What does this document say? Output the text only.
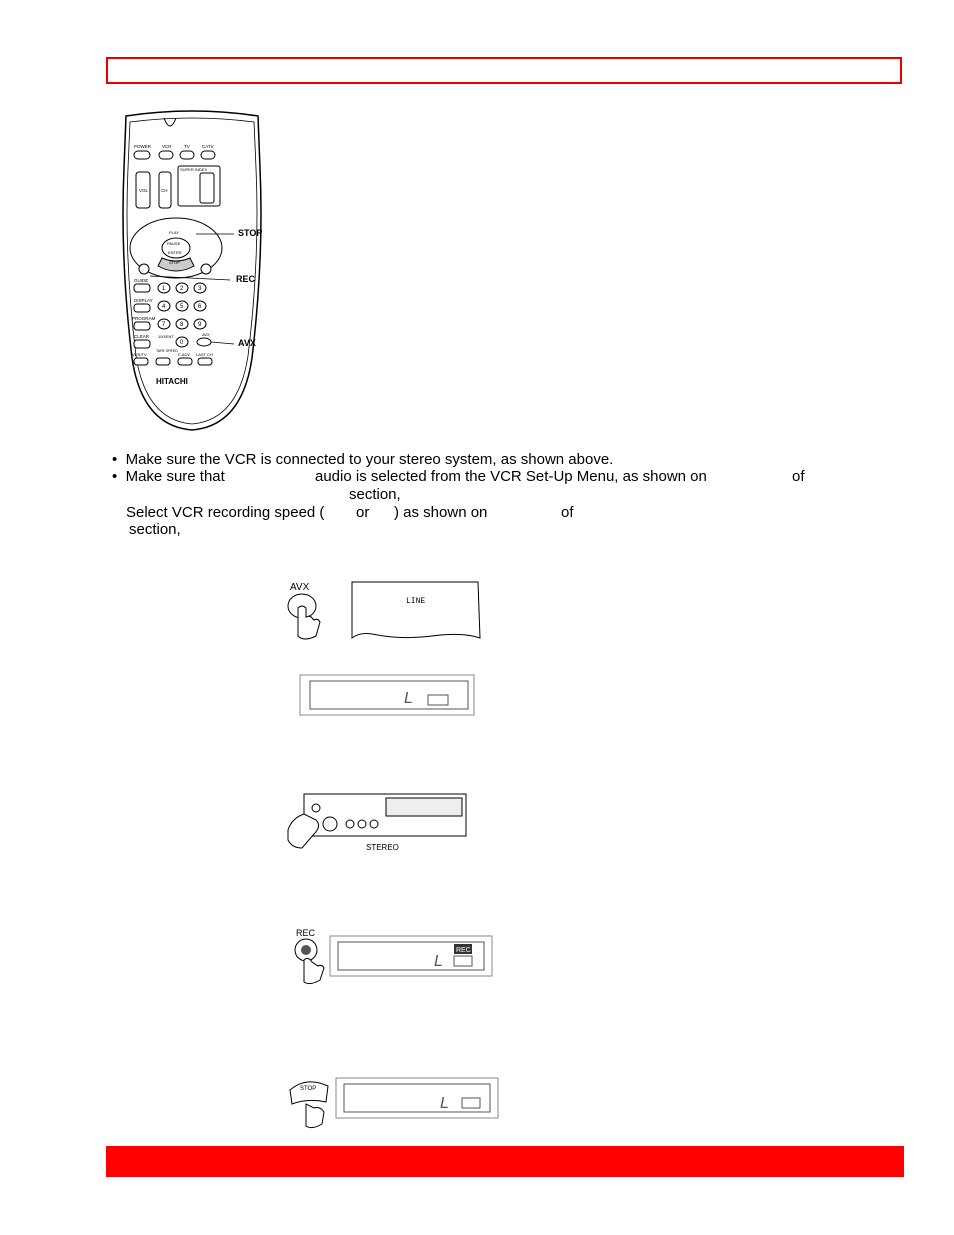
POWER VCR	TV	CATV
VOL	CH
SUPER INDEX
PAUSE
ENTER
PLAY
STOP
GUIDE
DISPLAY
PROGRAM
CLEAR
1 2 3
4 5 6
7 8 9
0
100/ENT	AVX
VCR/TV
TAPE SPEED
F-ADV LAST CH
HITACHI
STOP
REC
AVX
•  Make sure the VCR is connected to your stereo system, as shown above.
•  Make sure that	audio is selected from the VCR Set-Up Menu, as shown on	of
section,
Select VCR recording speed ( or ) as shown on	of
section,
AVX
LINE
L
STEREO
REC
L
REC
STOP
L
